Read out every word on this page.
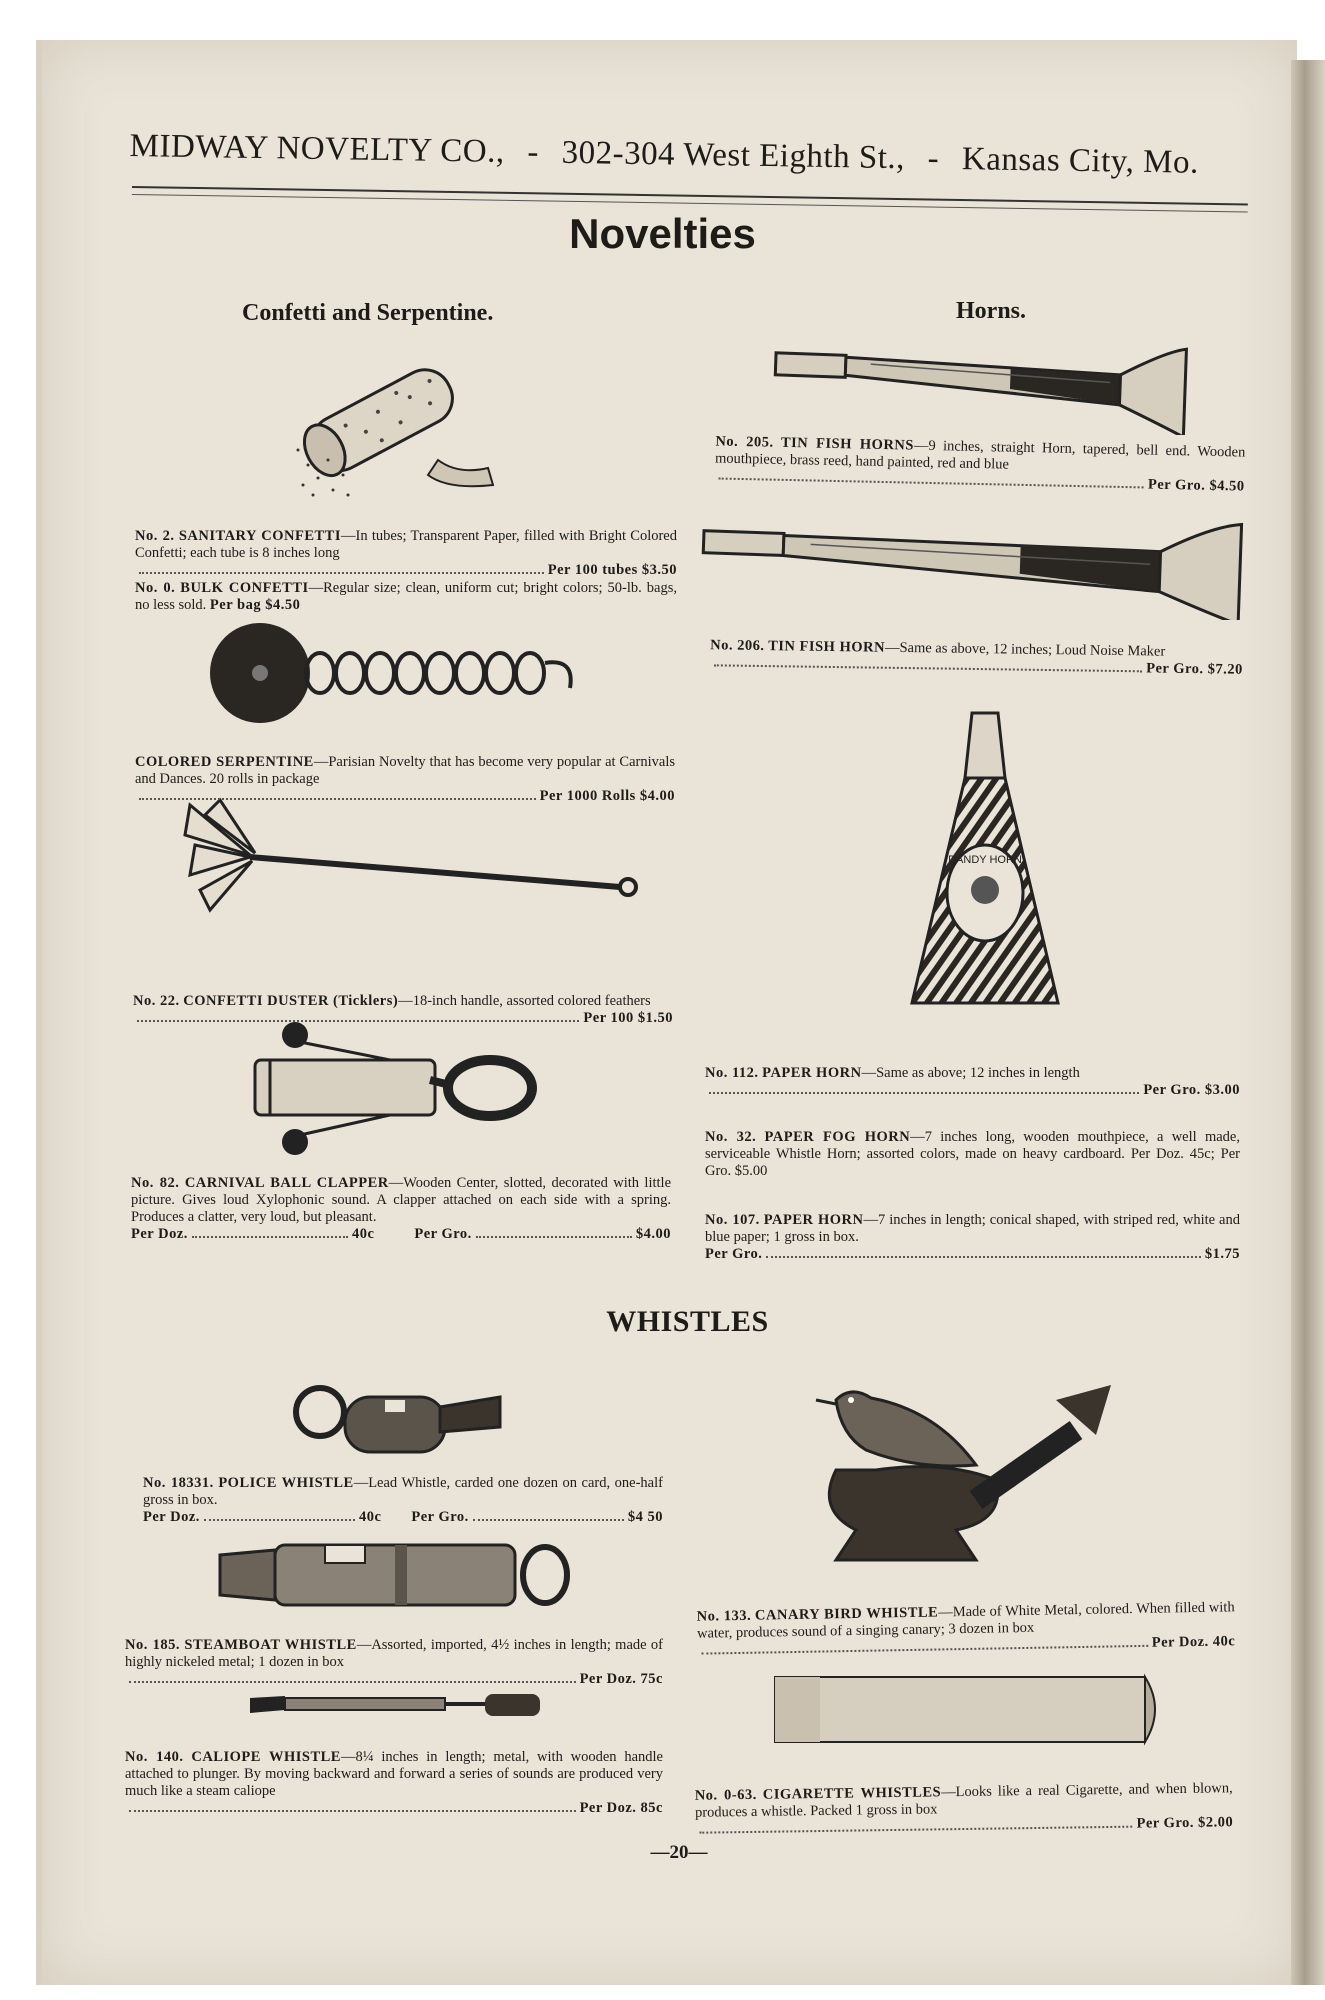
MIDWAY NOVELTY CO., - 302-304 West Eighth St., - Kansas City, Mo.
Novelties
Confetti and Serpentine.	Horns.

No. 2. SANITARY CONFETTI—In tubes; Transparent Paper, filled with Bright Colored Confetti; each tube is 8 inches long

Per 100 tubes $3.50

No. 0. BULK CONFETTI—Regular size; clean, uniform cut; bright colors; 50-lb. bags, no less sold. Per bag $4.50

COLORED SERPENTINE—Parisian Novelty that has become very popular at Carnivals and Dances. 20 rolls in package

Per 1000 Rolls $4.00

No. 22. CONFETTI DUSTER (Ticklers)—18-inch handle, assorted colored feathers

Per 100 $1.50

No. 82. CARNIVAL BALL CLAPPER—Wooden Center, slotted, decorated with little picture. Gives loud Xylophonic sound. A clapper attached on each side with a spring. Produces a clatter, very loud, but pleasant.

Per Doz.	40c	Per Gro.	$4.00

DANDY HORN

No. 205. TIN FISH HORNS—9 inches, straight Horn, tapered, bell end. Wooden mouthpiece, brass reed, hand painted, red and blue

Per Gro. $4.50

No. 206. TIN FISH HORN—Same as above, 12 inches; Loud Noise Maker

Per Gro. $7.20

No. 112. PAPER HORN—Same as above; 12 inches in length

Per Gro. $3.00

No. 32. PAPER FOG HORN—7 inches long, wooden mouthpiece, a well made, serviceable Whistle Horn; assorted colors, made on heavy cardboard. Per Doz. 45c; Per Gro. $5.00

No. 107. PAPER HORN—7 inches in length; conical shaped, with striped red, white and blue paper; 1 gross in box.

Per Gro.	$1.75

WHISTLES

No. 18331. POLICE WHISTLE—Lead Whistle, carded one dozen on card, one-half gross in box.

Per Doz.	40c Per Gro.	$4 50

No. 185. STEAMBOAT WHISTLE—Assorted, imported, 4½ inches in length; made of highly nickeled metal; 1 dozen in box

Per Doz. 75c

No. 140. CALIOPE WHISTLE—8¼ inches in length; metal, with wooden handle attached to plunger. By moving backward and forward a series of sounds are produced very much like a steam caliope

Per Doz. 85c

No. 133. CANARY BIRD WHISTLE—Made of White Metal, colored. When filled with water, produces sound of a singing canary; 3 dozen in box

Per Doz. 40c

No. 0-63. CIGARETTE WHISTLES—Looks like a real Cigarette, and when blown, produces a whistle. Packed 1 gross in box

Per Gro. $2.00

—20—
